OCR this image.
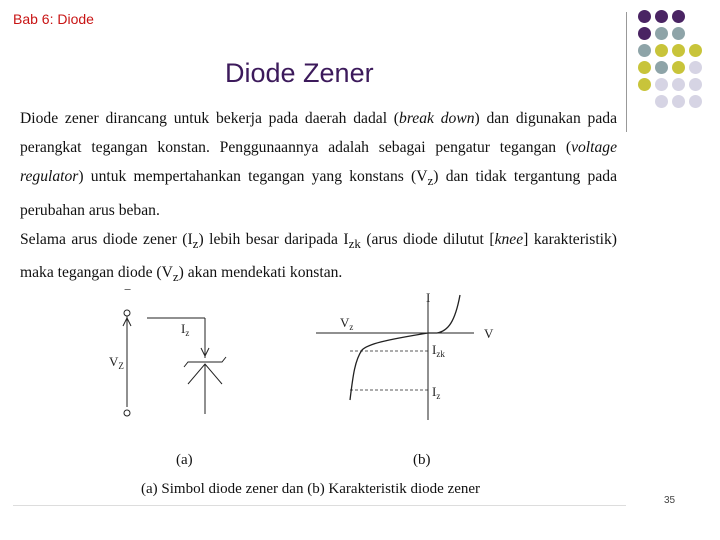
Bab 6: Diode
Diode Zener

Diode zener dirancang untuk bekerja pada daerah dadal (break down) dan digunakan pada perangkat tegangan konstan. Penggunaannya adalah sebagai pengatur tegangan (voltage regulator) untuk mempertahankan tegangan yang konstans $(V_z)$ dan tidak tergantung pada perubahan arus beban.

Selama arus diode zener $(I_z)$ lebih besar daripada $I_{zk}$ (arus diode dilutut [knee] karakteristik) maka tegangan diode $(V_z)$ akan mendekati konstan.

−
$I_z$
$V_Z$
I
V
$V_z$
$I_{zk}$
$I_z$
(a)	(b)
(a) Simbol diode zener dan (b) Karakteristik diode zener
35
